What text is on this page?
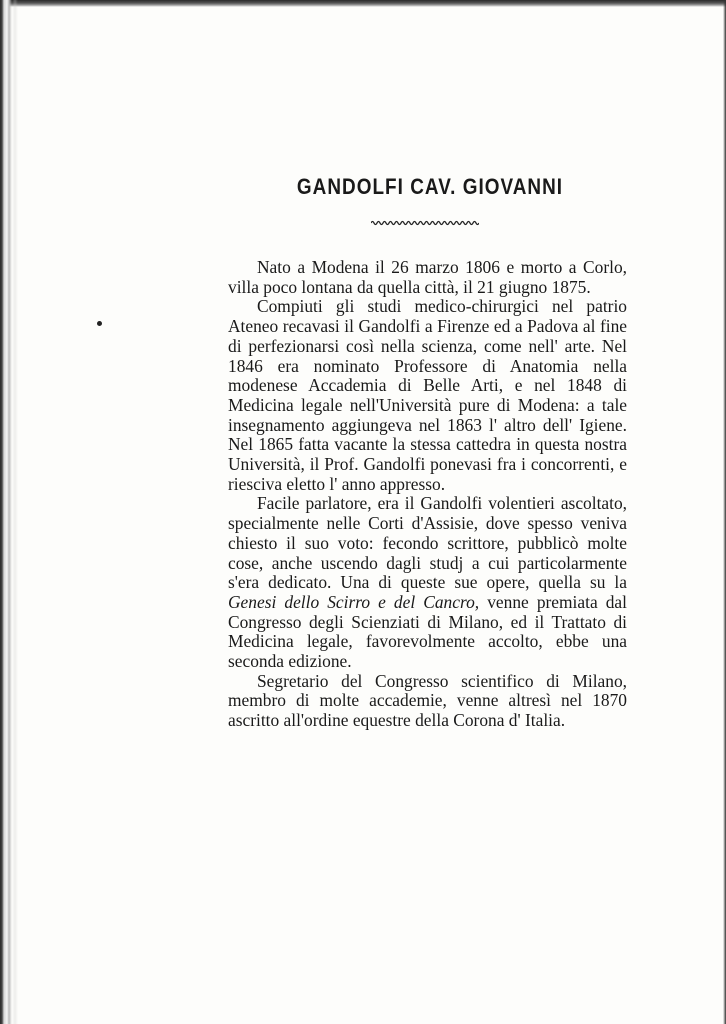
GANDOLFI CAV. GIOVANNI

Nato a Modena il 26 marzo 1806 e morto a Corlo, villa poco lontana da quella città, il 21 giugno 1875.

Compiuti gli studi medico-chirurgici nel patrio Ateneo recavasi il Gandolfi a Firenze ed a Padova al fine di perfezionarsi così nella scienza, come nell' arte. Nel 1846 era nominato Professore di Anatomia nella modenese Accademia di Belle Arti, e nel 1848 di Medicina legale nell'Università pure di Modena: a tale insegnamento aggiungeva nel 1863 l' altro dell' Igiene. Nel 1865 fatta vacante la stessa cattedra in questa nostra Università, il Prof. Gandolfi ponevasi fra i concorrenti, e riesciva eletto l' anno appresso.

Facile parlatore, era il Gandolfi volentieri ascoltato, specialmente nelle Corti d'Assisie, dove spesso veniva chiesto il suo voto: fecondo scrittore, pubblicò molte cose, anche uscendo dagli studj a cui particolarmente s'era dedicato. Una di queste sue opere, quella su la Genesi dello Scirro e del Cancro, venne premiata dal Congresso degli Scienziati di Milano, ed il Trattato di Medicina legale, favorevolmente accolto, ebbe una seconda edizione.

Segretario del Congresso scientifico di Milano, membro di molte accademie, venne altresì nel 1870 ascritto all'ordine equestre della Corona d' Italia.
